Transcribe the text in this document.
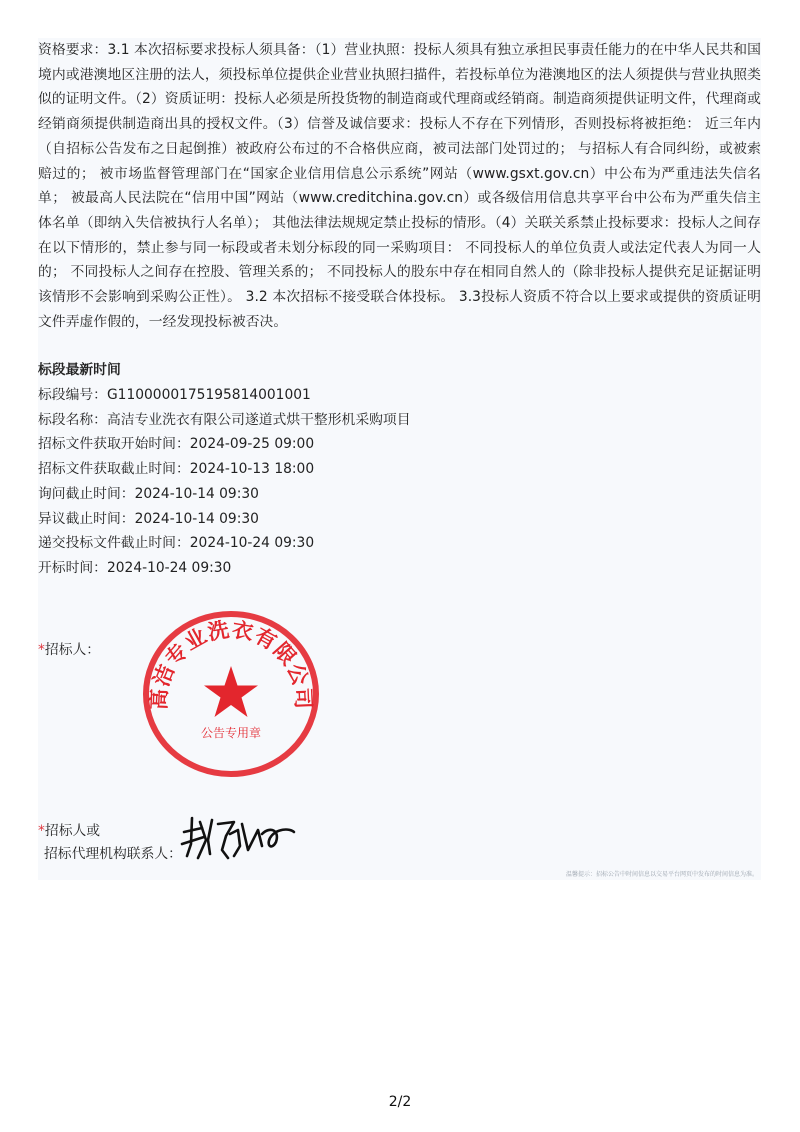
资格要求：3.1 本次招标要求投标人须具备：（1）营业执照：投标人须具有独立承担民事责任能力的在中华人民共和国境内或港澳地区注册的法人，须投标单位提供企业营业执照扫描件，若投标单位为港澳地区的法人须提供与营业执照类似的证明文件。（2）资质证明：投标人必须是所投货物的制造商或代理商或经销商。制造商须提供证明文件，代理商或经销商须提供制造商出具的授权文件。（3）信誉及诚信要求：投标人不存在下列情形，否则投标将被拒绝： 近三年内（自招标公告发布之日起倒推）被政府公布过的不合格供应商，被司法部门处罚过的； 与招标人有合同纠纷，或被索赔过的； 被市场监督管理部门在“国家企业信用信息公示系统”网站（www.gsxt.gov.cn）中公布为严重违法失信名单； 被最高人民法院在“信用中国”网站（www.creditchina.gov.cn）或各级信用信息共享平台中公布为严重失信主体名单（即纳入失信被执行人名单）； 其他法律法规规定禁止投标的情形。（4）关联关系禁止投标要求：投标人之间存在以下情形的，禁止参与同一标段或者未划分标段的同一采购项目： 不同投标人的单位负责人或法定代表人为同一人的； 不同投标人之间存在控股、管理关系的； 不同投标人的股东中存在相同自然人的（除非投标人提供充足证据证明该情形不会影响到采购公正性）。 3.2 本次招标不接受联合体投标。 3.3投标人资质不符合以上要求或提供的资质证明文件弄虚作假的，一经发现投标被否决。

标段最新时间

标段编号：G1100000175195814001001
标段名称：高洁专业洗衣有限公司遂道式烘干整形机采购项目
招标文件获取开始时间：2024-09-25 09:00
招标文件获取截止时间：2024-10-13 18:00
询问截止时间：2024-10-14 09:30
异议截止时间：2024-10-14 09:30
递交投标文件截止时间：2024-10-24 09:30
开标时间：2024-10-24 09:30
*招标人：
高洁专业洗衣有限公司
公告专用章
*招标人或
招标代理机构联系人：
温馨提示：招标公告中时间信息以交易平台网页中发布的时间信息为准。
2/2
